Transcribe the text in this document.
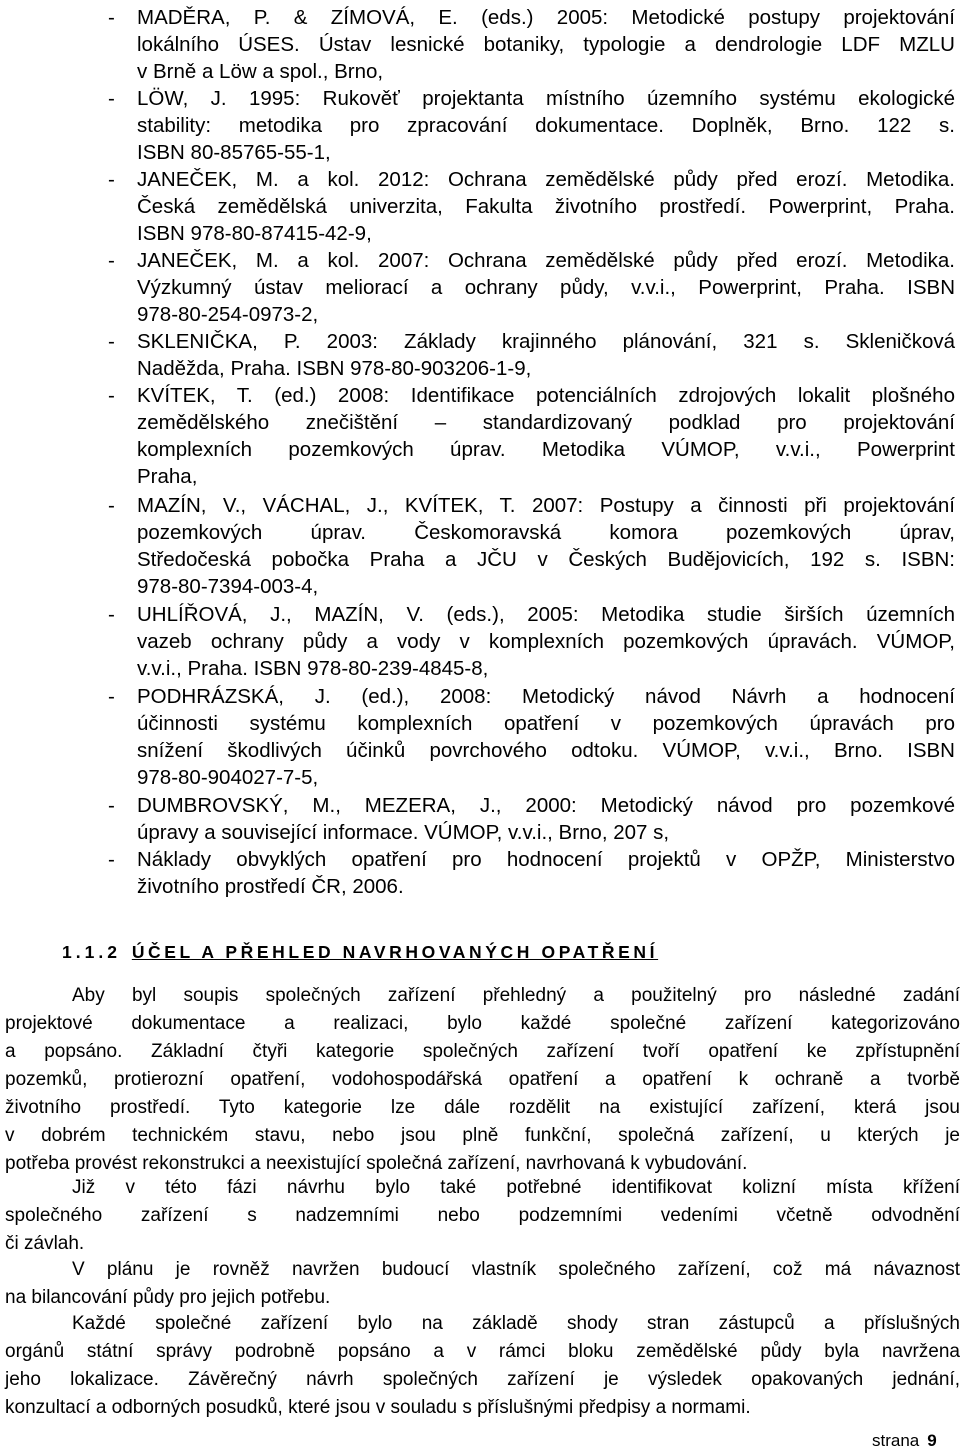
- MADĚRA, P. & ZÍMOVÁ, E. (eds.) 2005: Metodické postupy projektování
lokálního ÚSES. Ústav lesnické botaniky, typologie a dendrologie LDF MZLU
v Brně a Löw a spol., Brno,
- LÖW, J. 1995: Rukověť projektanta místního územního systému ekologické
stability: metodika pro zpracování dokumentace. Doplněk, Brno. 122 s.
ISBN 80-85765-55-1,
- JANEČEK, M. a kol. 2012: Ochrana zemědělské půdy před erozí. Metodika.
Česká zemědělská univerzita, Fakulta životního prostředí. Powerprint, Praha.
ISBN 978-80-87415-42-9,
- JANEČEK, M. a kol. 2007: Ochrana zemědělské půdy před erozí. Metodika.
Výzkumný ústav meliorací a ochrany půdy, v.v.i., Powerprint, Praha. ISBN
978-80-254-0973-2,
- SKLENIČKA, P. 2003: Základy krajinného plánování, 321 s. Skleničková
Naděžda, Praha. ISBN 978-80-903206-1-9,
- KVÍTEK, T. (ed.) 2008: Identifikace potenciálních zdrojových lokalit plošného
zemědělského znečištění – standardizovaný podklad pro projektování
komplexních pozemkových úprav. Metodika VÚMOP, v.v.i., Powerprint
Praha,
- MAZÍN, V., VÁCHAL, J., KVÍTEK, T. 2007: Postupy a činnosti při projektování
pozemkových úprav. Českomoravská komora pozemkových úprav,
Středočeská pobočka Praha a JČU v Českých Budějovicích, 192 s. ISBN:
978-80-7394-003-4,
- UHLÍŘOVÁ, J., MAZÍN, V. (eds.), 2005: Metodika studie širších územních
vazeb ochrany půdy a vody v komplexních pozemkových úpravách. VÚMOP,
v.v.i., Praha. ISBN 978-80-239-4845-8,
- PODHRÁZSKÁ, J. (ed.), 2008: Metodický návod Návrh a hodnocení
účinnosti systému komplexních opatření v pozemkových úpravách pro
snížení škodlivých účinků povrchového odtoku. VÚMOP, v.v.i., Brno. ISBN
978-80-904027-7-5,
- DUMBROVSKÝ, M., MEZERA, J., 2000: Metodický návod pro pozemkové
úpravy a související informace. VÚMOP, v.v.i., Brno, 207 s,
- Náklady obvyklých opatření pro hodnocení projektů v OPŽP, Ministerstvo
životního prostředí ČR, 2006.
1.1.2 ÚČEL A PŘEHLED NAVRHOVANÝCH OPATŘENÍ
Aby byl soupis společných zařízení přehledný a použitelný pro následné zadání
projektové dokumentace a realizaci, bylo každé společné zařízení kategorizováno
a popsáno. Základní čtyři kategorie společných zařízení tvoří opatření ke zpřístupnění
pozemků, protierozní opatření, vodohospodářská opatření a opatření k ochraně a tvorbě
životního prostředí. Tyto kategorie lze dále rozdělit na existující zařízení, která jsou
v dobrém technickém stavu, nebo jsou plně funkční, společná zařízení, u kterých je
potřeba provést rekonstrukci a neexistující společná zařízení, navrhovaná k vybudování.
Již v této fázi návrhu bylo také potřebné identifikovat kolizní místa křížení
společného zařízení s nadzemními nebo podzemními vedeními včetně odvodnění
či závlah.
V plánu je rovněž navržen budoucí vlastník společného zařízení, což má návaznost
na bilancování půdy pro jejich potřebu.
Každé společné zařízení bylo na základě shody stran zástupců a příslušných
orgánů státní správy podrobně popsáno a v rámci bloku zemědělské půdy byla navržena
jeho lokalizace. Závěrečný návrh společných zařízení je výsledek opakovaných jednání,
konzultací a odborných posudků, které jsou v souladu s příslušnými předpisy a normami.
strana 9
